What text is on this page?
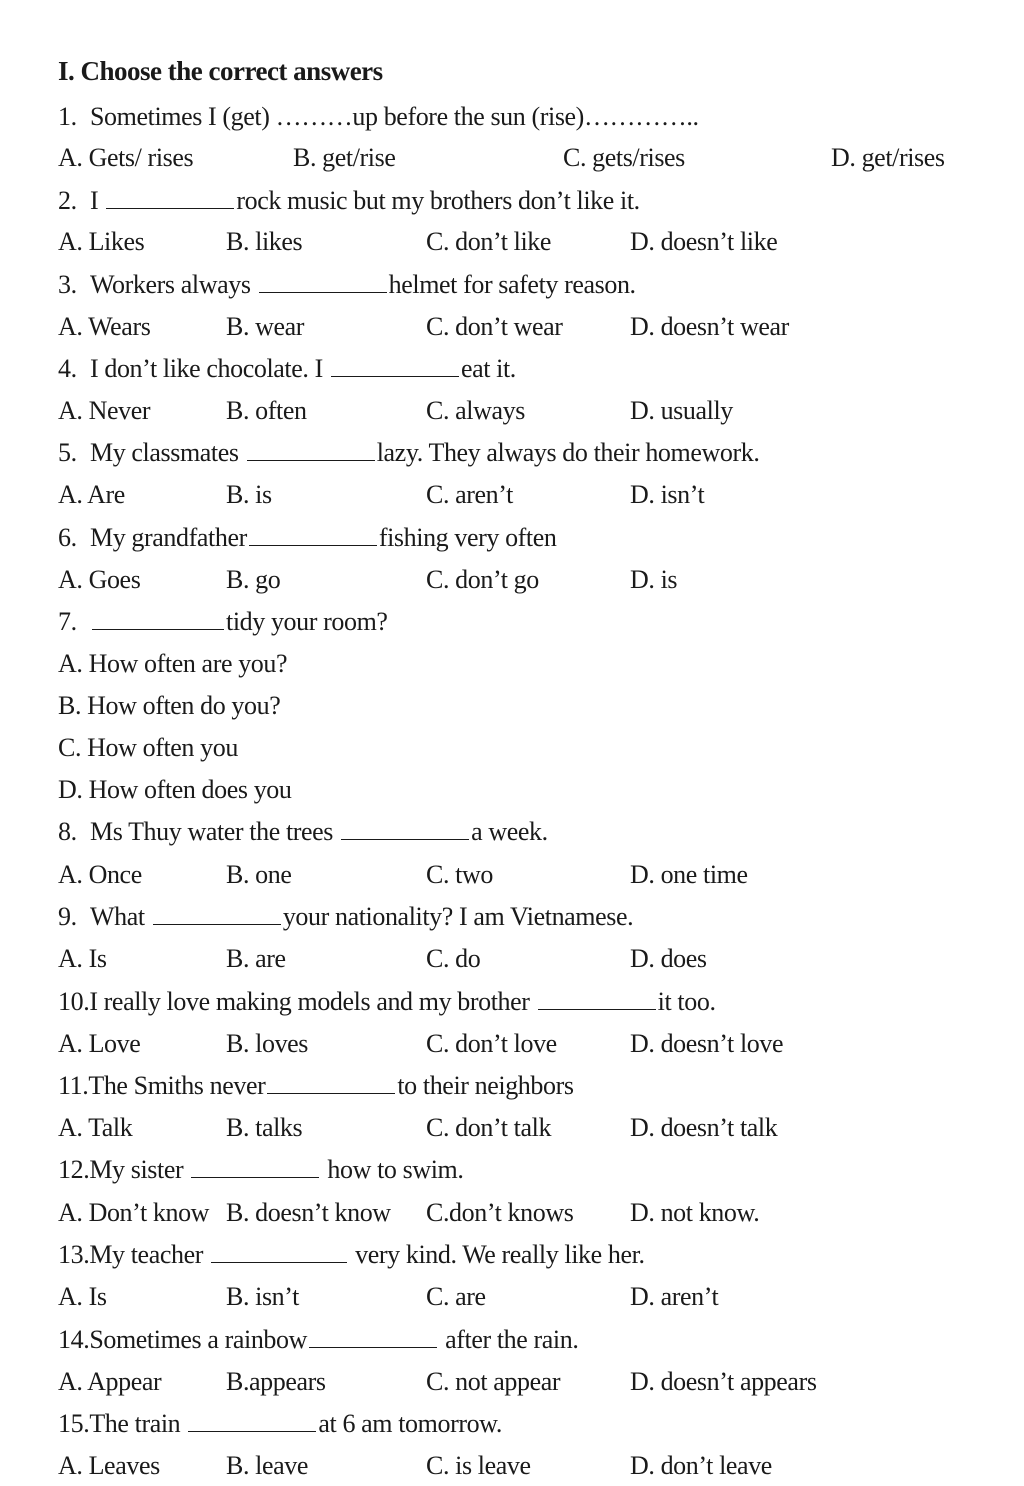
I. Choose the correct answers
1. Sometimes I (get) ………up before the sun (rise)…………..
A. Gets/ rises	B. get/rise	C. gets/rises	D. get/rises
2. I	rock music but my brothers don’t like it.
A. Likes	B. likes	C. don’t like	D. doesn’t like
3. Workers always	helmet for safety reason.
A. Wears	B. wear	C. don’t wear	D. doesn’t wear
4. I don’t like chocolate. I	eat it.
A. Never	B. often	C. always	D. usually
5. My classmates	lazy. They always do their homework.
A. Are	B. is	C. aren’t	D. isn’t
6. My grandfather	fishing very often
A. Goes	B. go	C. don’t go	D. is
7.	tidy your room?
A. How often are you?
B. How often do you?
C. How often you
D. How often does you
8. Ms Thuy water the trees	a week.
A. Once	B. one	C. two	D. one time
9. What	your nationality? I am Vietnamese.
A. Is	B. are	C. do	D. does
10.I really love making models and my brother	it too.
A. Love	B. loves	C. don’t love	D. doesn’t love
11.The Smiths never	to their neighbors
A. Talk	B. talks	C. don’t talk	D. doesn’t talk
12.My sister	how to swim.
A. Don’t know B. doesn’t know C.don’t knows D. not know.
13.My teacher	very kind. We really like her.
A. Is	B. isn’t	C. are	D. aren’t
14.Sometimes a rainbow	after the rain.
A. Appear B.appears	C. not appear	D. doesn’t appears
15.The train	at 6 am tomorrow.
A. Leaves	B. leave	C. is leave	D. don’t leave
